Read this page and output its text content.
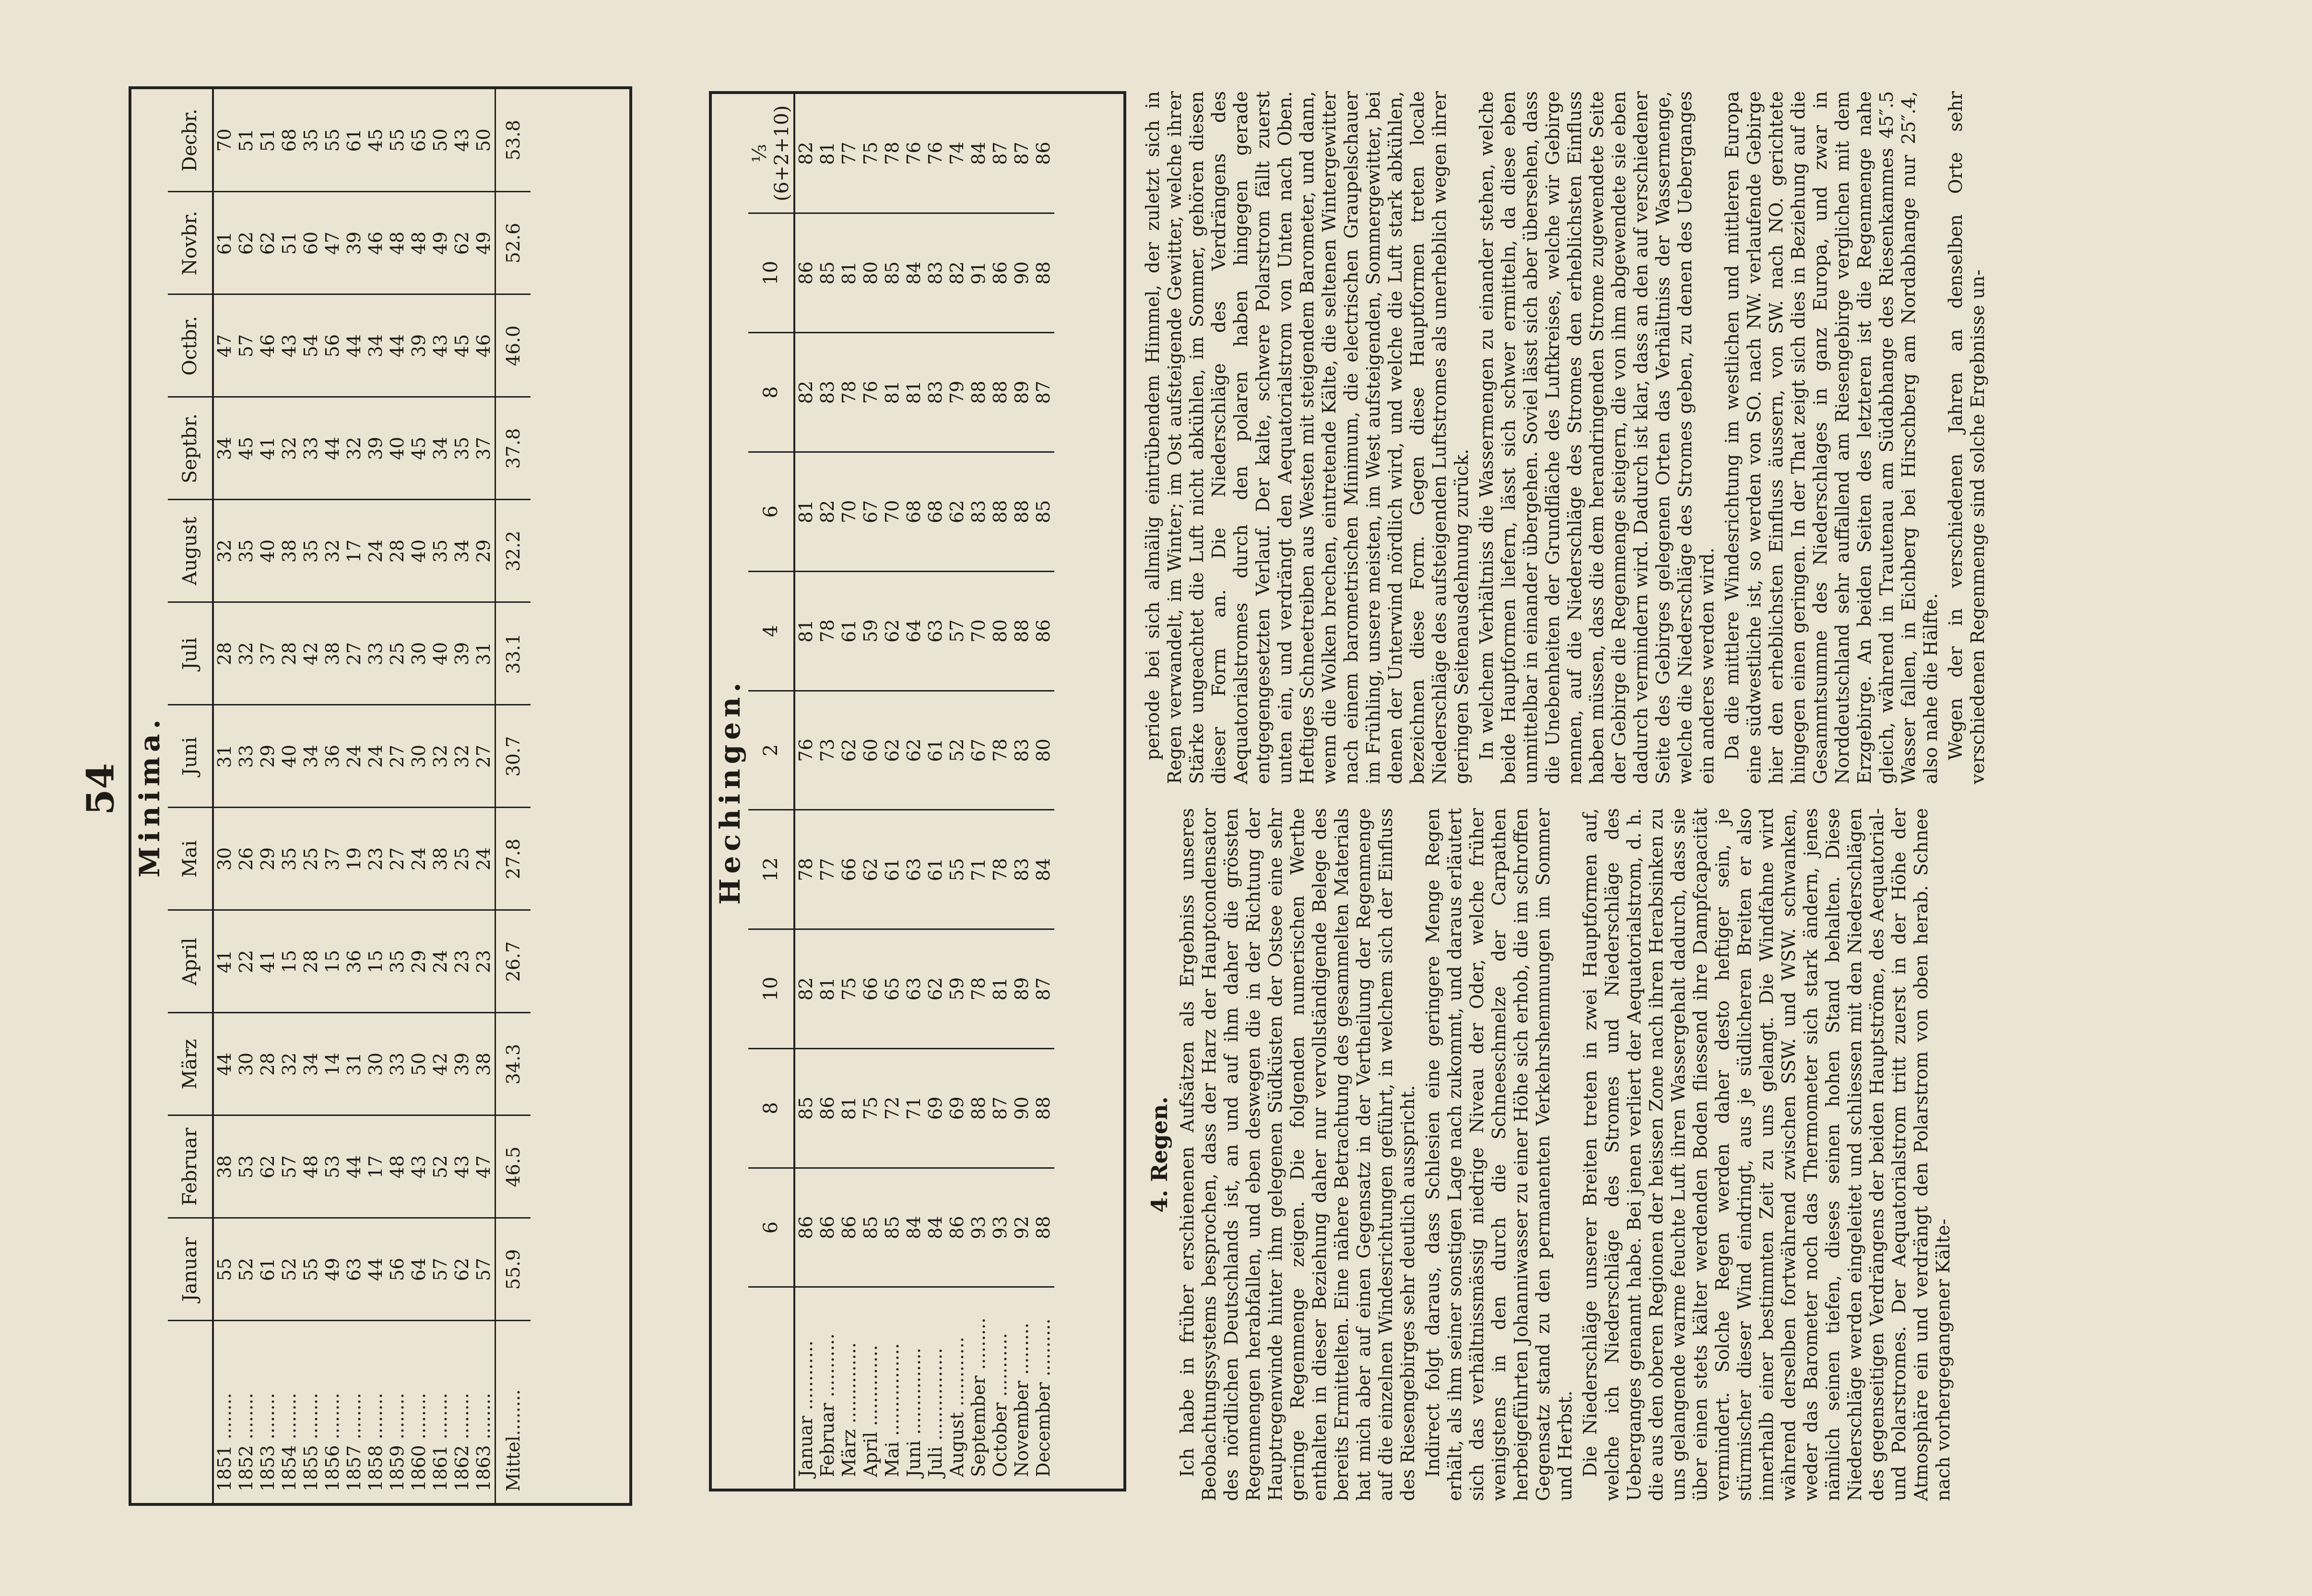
54 Minima.
	Januar	Februar	März	April	Mai	Juni	Juli	August	Septbr.	Octbr.	Novbr.	Decbr.
1851 ........	55	38	44	41	30	31	28	32	34	47	61	70
1852 ........	52	53	30	22	26	33	32	35	45	57	62	51
1853 ........	61	62	28	41	29	29	37	40	41	46	62	51
1854 ........	52	57	32	15	35	40	28	38	32	43	51	68
1855 ........	55	48	34	28	25	34	42	35	33	54	60	35
1856 ........	49	53	14	15	37	36	38	32	44	56	47	55
1857 ........	63	44	31	36	19	24	27	17	32	44	39	61
1858 ........	44	17	30	15	23	24	33	24	39	34	46	45
1859 ........	56	48	33	35	27	27	25	28	40	44	48	55
1860 ........	64	43	50	29	24	30	30	40	45	39	48	65
1861 ........	57	52	42	24	38	32	40	35	34	43	49	50
1862 ........	62	43	39	23	25	32	39	34	35	45	62	43
1863 ........	57	47	38	23	24	27	31	29	37	46	49	50
Mittel........	55.9	46.5	34.3	26.7	27.8	30.7	33.1	32.2	37.8	46.0	52.6	53.8
Hechingen.
	6	8	10	12	2	4	6	8	10	⅓ (6+2+10)
Januar ............	86	85	82	78	76	81	81	82	86	82
Februar ...........	86	86	81	77	73	78	82	83	85	81
März ..............	86	81	75	66	62	61	70	78	81	77
April ..............	85	75	66	62	60	59	67	76	80	75
Mai ................	85	72	65	61	62	62	70	81	85	78
Juni ...............	84	71	63	63	62	64	68	81	84	76
Juli ................	84	69	62	61	61	63	68	83	83	76
August ............	86	69	59	55	52	57	62	79	82	74
September .........	93	88	78	71	67	70	83	88	91	84
October ...........	93	87	81	78	78	80	88	88	86	87
November .........	92	90	89	83	83	88	88	89	90	87
December ..........	88	88	87	84	80	86	85	87	88	86
4. Regen. Ich habe in früher erschienenen Aufsätzen als Ergebniss unseres Beobachtungssystems besprochen, dass der Harz der Hauptcondensator des nördlichen Deutschlands ist, an und auf ihm daher die grössten Regenmengen herabfallen, und eben deswegen die in der Richtung der Hauptregenwinde hinter ihm gelegenen Südküsten der Ostsee eine sehr geringe Regenmenge zeigen. Die folgenden numerischen Werthe enthalten in dieser Beziehung daher nur vervollständigende Belege des bereits Ermittelten. Eine nähere Betrachtung des gesammelten Materials hat mich aber auf einen Gegensatz in der Vertheilung der Regenmenge auf die einzelnen Windesrichtungen geführt, in welchem sich der Einfluss des Riesengebirges sehr deutlich ausspricht. Indirect folgt daraus, dass Schlesien eine geringere Menge Regen erhält, als ihm seiner sonstigen Lage nach zukommt, und daraus erläutert sich das verhältnissmässig niedrige Niveau der Oder, welche früher wenigstens in den durch die Schneeschmelze der Carpathen herbeigeführten Johanniwasser zu einer Höhe sich erhob, die im schroffen Gegensatz stand zu den permanenten Verkehrshemmungen im Sommer und Herbst. Die Niederschläge unserer Breiten treten in zwei Hauptformen auf, welche ich Niederschläge des Stromes und Niederschläge des Ueberganges genannt habe. Bei jenen verliert der Aequatorialstrom, d. h. die aus den oberen Regionen der heissen Zone nach ihren Herabsinken zu uns gelangende warme feuchte Luft ihren Wassergehalt dadurch, dass sie über einen stets kälter werdenden Boden fliessend ihre Dampfcapacität vermindert. Solche Regen werden daher desto heftiger sein, je stürmischer dieser Wind eindringt, aus je südlicheren Breiten er also innerhalb einer bestimmten Zeit zu uns gelangt. Die Windfahne wird während derselben fortwährend zwischen SSW. und WSW. schwanken, weder das Barometer noch das Thermometer sich stark ändern, jenes nämlich seinen tiefen, dieses seinen hohen Stand behalten. Diese Niederschläge werden eingeleitet und schliessen mit den Niederschlägen des gegenseitigen Verdrängens der beiden Hauptströme, des Aequatorial- und Polarstromes. Der Aequatorialstrom tritt zuerst in der Höhe der Atmosphäre ein und verdrängt den Polarstrom von oben herab. Schnee nach vorhergegangener Kälte-

periode bei sich allmälig eintrübendem Himmel, der zuletzt sich in Regen verwandelt, im Winter; im Ost aufsteigende Gewitter, welche ihrer Stärke ungeachtet die Luft nicht abkühlen, im Sommer, gehören diesen dieser Form an. Die Niederschläge des Verdrängens des Aequatorialstromes durch den polaren haben hingegen gerade entgegengesetzten Verlauf. Der kalte, schwere Polarstrom fällt zuerst unten ein, und verdrängt den Aequatorialstrom von Unten nach Oben. Heftiges Schneetreiben aus Westen mit steigendem Barometer, und dann, wenn die Wolken brechen, eintretende Kälte, die seltenen Wintergewitter nach einem barometrischen Minimum, die electrischen Graupelschauer im Frühling, unsere meisten, im West aufsteigenden, Sommergewitter, bei denen der Unterwind nördlich wird, und welche die Luft stark abkühlen, bezeichnen diese Form. Gegen diese Hauptformen treten locale Niederschläge des aufsteigenden Luftstromes als unerheblich wegen ihrer geringen Seitenausdehnung zurück. In welchem Verhältniss die Wassermengen zu einander stehen, welche beide Hauptformen liefern, lässt sich schwer ermitteln, da diese eben unmittelbar in einander übergehen. Soviel lässt sich aber übersehen, dass die Unebenheiten der Grundfläche des Luftkreises, welche wir Gebirge nennen, auf die Niederschläge des Stromes den erheblichsten Einfluss haben müssen, dass die dem herandringenden Strome zugewendete Seite der Gebirge die Regenmenge steigern, die von ihm abgewendete sie eben dadurch vermindern wird. Dadurch ist klar, dass an den auf verschiedener Seite des Gebirges gelegenen Orten das Verhältniss der Wassermenge, welche die Niederschläge des Stromes geben, zu denen des Ueberganges ein anderes werden wird. Da die mittlere Windesrichtung im westlichen und mittleren Europa eine südwestliche ist, so werden von SO. nach NW. verlaufende Gebirge hier den erheblichsten Einfluss äussern, von SW. nach NO. gerichtete hingegen einen geringen. In der That zeigt sich dies in Beziehung auf die Gesammtsumme des Niederschlages in ganz Europa, und zwar in Norddeutschland sehr auffallend am Riesengebirge verglichen mit dem Erzgebirge. An beiden Seiten des letzteren ist die Regenmenge nahe gleich, während in Trautenau am Südabhange des Riesenkammes 45″.5 Wasser fallen, in Eichberg bei Hirschberg am Nordabhange nur 25″.4, also nahe die Hälfte. Wegen der in verschiedenen Jahren an denselben Orte sehr verschiedenen Regenmenge sind solche Ergebnisse un-
